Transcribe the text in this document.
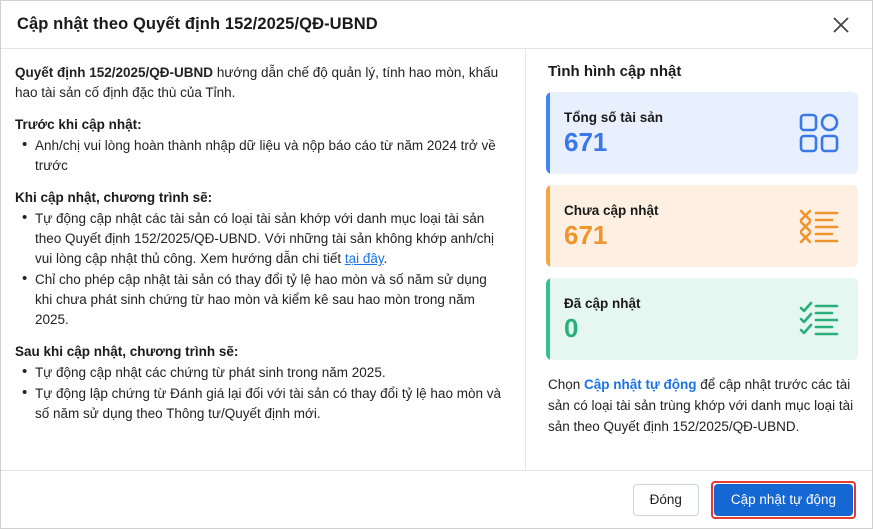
Cập nhật theo Quyết định 152/2025/QĐ-UBND

Quyết định 152/2025/QĐ-UBND hướng dẫn chế độ quản lý, tính hao mòn, khấu hao tài sản cố định đặc thù của Tỉnh.

Trước khi cập nhật:
• Anh/chị vui lòng hoàn thành nhập dữ liệu và nộp báo cáo từ năm 2024 trở về trước
Khi cập nhật, chương trình sẽ:
• Tự động cập nhật các tài sản có loại tài sản khớp với danh mục loại tài sản theo Quyết định 152/2025/QĐ-UBND. Với những tài sản không khớp anh/chị vui lòng cập nhật thủ công. Xem hướng dẫn chi tiết tại đây.
• Chỉ cho phép cập nhật tài sản có thay đổi tỷ lệ hao mòn và số năm sử dụng khi chưa phát sinh chứng từ hao mòn và kiểm kê sau hao mòn trong năm 2025.
Sau khi cập nhật, chương trình sẽ:
• Tự động cập nhật các chứng từ phát sinh trong năm 2025.
• Tự động lập chứng từ Đánh giá lại đối với tài sản có thay đổi tỷ lệ hao mòn và số năm sử dụng theo Thông tư/Quyết định mới.
Tình hình cập nhật
Tổng số tài sản
671
Chưa cập nhật
671
Đã cập nhật
0
Chọn Cập nhật tự động để cập nhật trước các tài sản có loại tài sản trùng khớp với danh mục loại tài sản theo Quyết định 152/2025/QĐ-UBND.
Đóng	Cập nhật tự động
